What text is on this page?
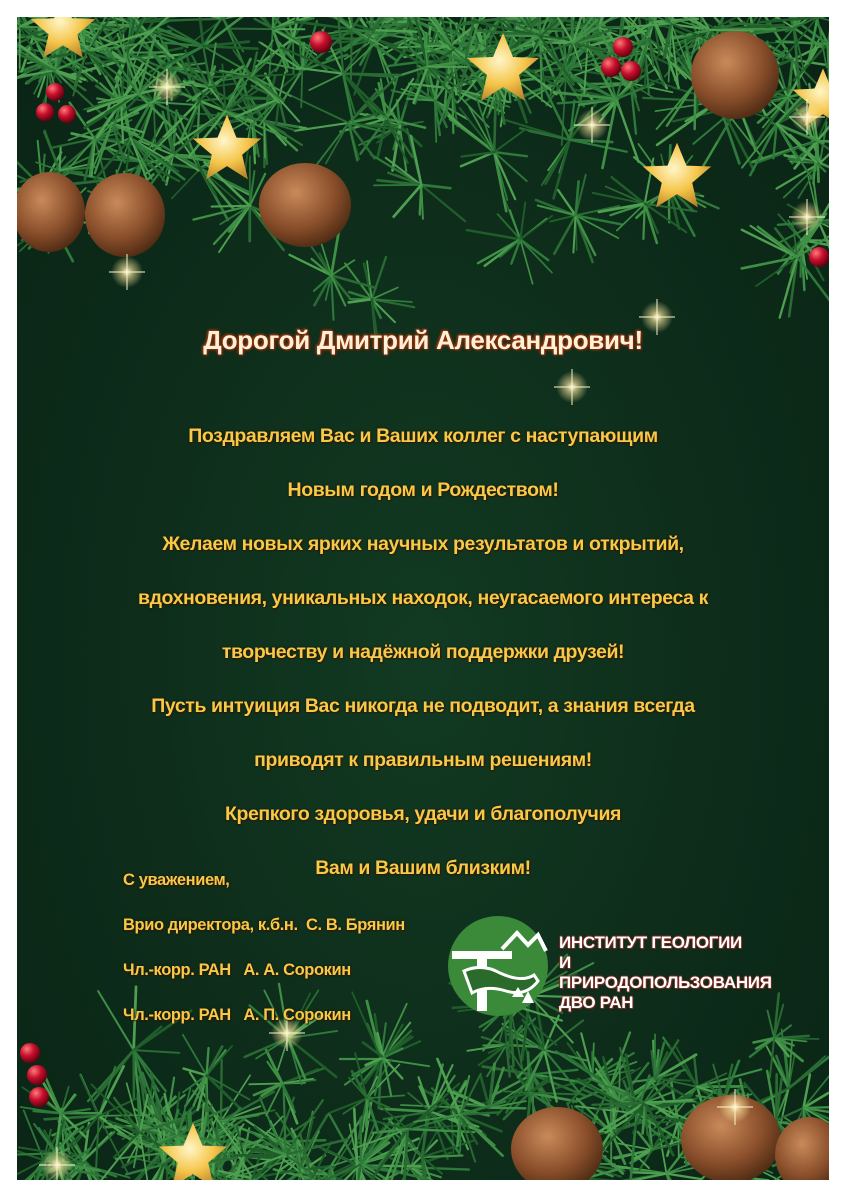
Дорогой Дмитрий Александрович!
Поздравляем Вас и Ваших коллег с наступающим
Новым годом и Рождеством!
Желаем новых ярких научных результатов и открытий,
вдохновения, уникальных находок, неугасаемого интереса к
творчеству и надёжной поддержки друзей!
Пусть интуиция Вас никогда не подводит, а знания всегда
приводят к правильным решениям!
Крепкого здоровья, удачи и благополучия
Вам и Вашим близким!
С уважением,
Врио директора, к.б.н.  С. В. Брянин
Чл.-корр. РАН   А. А. Сорокин
Чл.-корр. РАН   А. П. Сорокин
ИНСТИТУТ ГЕОЛОГИИ
И ПРИРОДОПОЛЬЗОВАНИЯ
ДВО РАН
